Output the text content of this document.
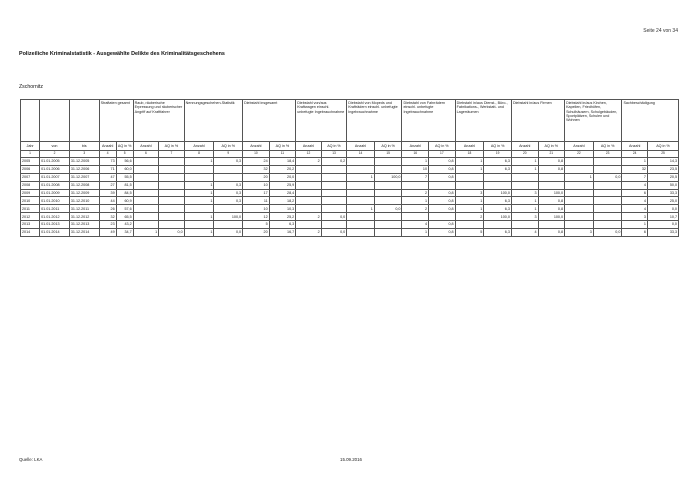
Seite 24 von 34
Polizeiliche Kriminalstatistik - Ausgewählte Delikte des Kriminalitätsgeschehens
Zschornitz
			Straftaten gesamt		Raub, räuberische Erpressung und räuberischer Angriff auf Kraftfahrer		Nennungsgeschehen-Statistik		Diebstahl insgesamt		Diebstahl von/aus Kraftwagen einschl. unbefugte Ingebrauchnahme		Diebstahl von Mopeds und Krafträdern einschl. unbefugte Ingebrauchnahme		Diebstahl von Fahrrädern einschl. unbefugte Ingebrauchnahme		Diebstahl in/aus Dienst-, Büro-, Fabrikations-, Werkstatt- und Lagerräumen		Diebstahl in/aus Firmen		Diebstahl in/aus Kirchen, Kapellen, Friedhöfen, Schulhäusern, Schulgebäuden, Sportplätzen, Schulen und Wohnen		Sachbeschädigung	
Jahr	von	bis	Anzahl	AQ in %	Anzahl	AQ in %	Anzahl	AQ in %	Anzahl	AQ in %	Anzahl	AQ in %	Anzahl	AQ in %	Anzahl	AQ in %	Anzahl	AQ in %	Anzahl	AQ in %	Anzahl	AQ in %	Anzahl	AQ in %
1	2	3	4	5	6	7	8	9	10	11	12	13	14	15	16	17	18	19	20	21	22	23	24	25
2005	01.01.2005	31.12.2005	73	56,6			1	0,3	24	18,4	2	0,2			1	0,8	1	6,3	1	0,8			1	14,3
2006	01.01.2006	31.12.2006	71	60,0					32	20,2					10	0,8	1	6,3	1	0,8			32	23,5
2007	01.01.2007	31.12.2007	47	55,5					20	20,0			1	100,0	7	0,8					1	0,0	7	20,5
2008	01.01.2008	31.12.2008	27	81,5			1	0,3	10	25,9													4	50,0
2009	01.01.2009	31.12.2009	39	84,5			1	0,3	17	28,4					2	0,8	3	100,0	3	100,0			6	33,3
2010	01.01.2010	31.12.2010	44	60,9			1	0,3	11	18,2					1	0,8	1	6,3	1	0,8			4	25,0
2011	01.01.2011	31.12.2011	26	57,6					10	10,3			1	0,0	2	0,8	1	6,3	1	0,8			4	0,0
2012	01.01.2012	31.12.2012	32	65,5			1	100,0	12	25,2	2	0,0					2	100,0	3	100,0			3	10,7
2013	01.01.2013	31.12.2013	23	43,2					5	6,3					4	0,8							1	0,0
2014	01.01.2014	31.12.2014	49	34,7	1	0,0	1	0,0	20	16,7	2	0,0			1	0,8	5	6,3	4	0,8	3	0,0	6	33,3
Quelle: LKA	15.09.2016
